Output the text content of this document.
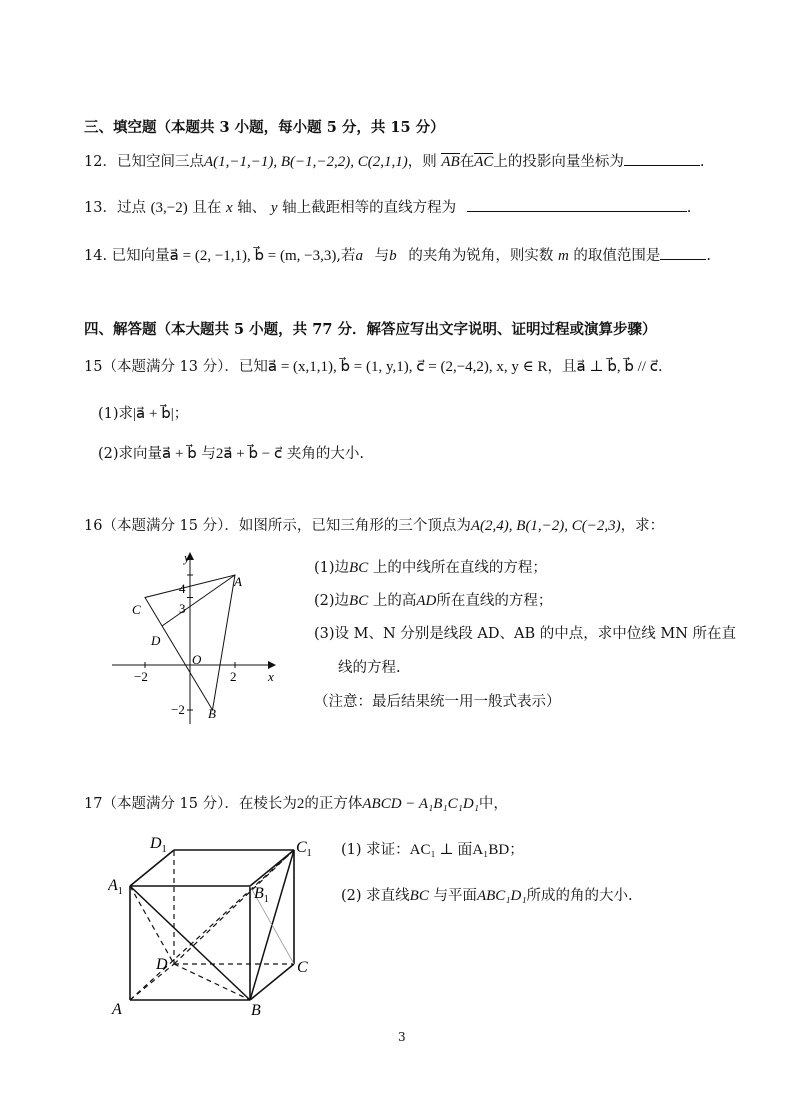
三、填空题（本题共 3 小题，每小题 5 分，共 15 分）
12．已知空间三点A(1,−1,−1), B(−1,−2,2), C(2,1,1)，则 AB在AC上的投影向量坐标为	.
13．过点 (3,−2) 且在 x 轴、 y 轴上截距相等的直线方程为	.
14. 已知向量a⃗ = (2, −1,1), b⃗ = (m, −3,3),若a⃗与b⃗的夹角为锐角，则实数 m 的取值范围是	.
四、解答题（本大题共 5 小题，共 77 分．解答应写出文字说明、证明过程或演算步骤）
15（本题满分 13 分）．已知a⃗ = (x,1,1), b⃗ = (1, y,1), c⃗ = (2,−4,2), x, y ∈ R，且a⃗ ⊥ b⃗, b⃗ // c⃗.
(1)求|a⃗ + b⃗|；
(2)求向量a⃗ + b⃗ 与2a⃗ + b⃗ − c⃗ 夹角的大小.
16（本题满分 15 分）．如图所示，已知三角形的三个顶点为A(2,4), B(1,−2), C(−2,3)，求：
y
x
O
4
3
2
−2
−2
A
B
C
D
(1)边BC 上的中线所在直线的方程；
(2)边BC 上的高AD所在直线的方程；
(3)设 M、N 分别是线段 AD、AB 的中点，求中位线 MN 所在直
线的方程.
（注意：最后结果统一用一般式表示）
17（本题满分 15 分）．在棱长为2的正方体ABCD − A₁B₁C₁D₁中，
A	B
C
D
$A_1$	$B_1$
$C_1$
$D_1$	(1) 求证：AC₁ ⊥ 面A₁BD；
(2) 求直线BC 与平面ABC₁D₁所成的角的大小.
3
